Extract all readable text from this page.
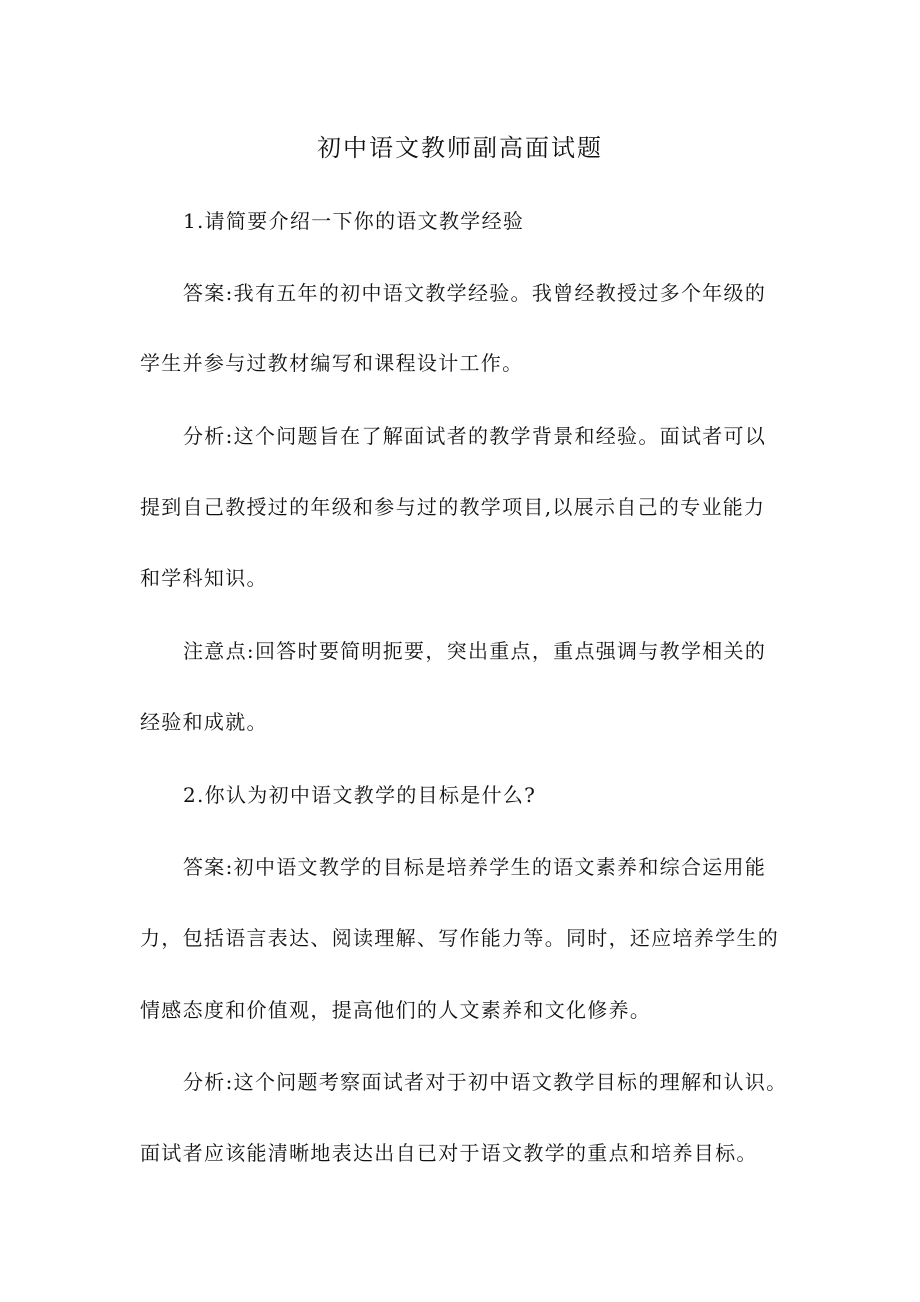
初中语文教师副高面试题
1.请简要介绍一下你的语文教学经验
答案:我有五年的初中语文教学经验。我曾经教授过多个年级的
学生并参与过教材编写和课程设计工作。
分析:这个问题旨在了解面试者的教学背景和经验。面试者可以
提到自己教授过的年级和参与过的教学项目,以展示自己的专业能力
和学科知识。
注意点:回答时要简明扼要，突出重点，重点强调与教学相关的
经验和成就。
2.你认为初中语文教学的目标是什么?
答案:初中语文教学的目标是培养学生的语文素养和综合运用能
力，包括语言表达、阅读理解、写作能力等。同时，还应培养学生的
情感态度和价值观，提高他们的人文素养和文化修养。
分析:这个问题考察面试者对于初中语文教学目标的理解和认识。
面试者应该能清晰地表达出自已对于语文教学的重点和培养目标。
